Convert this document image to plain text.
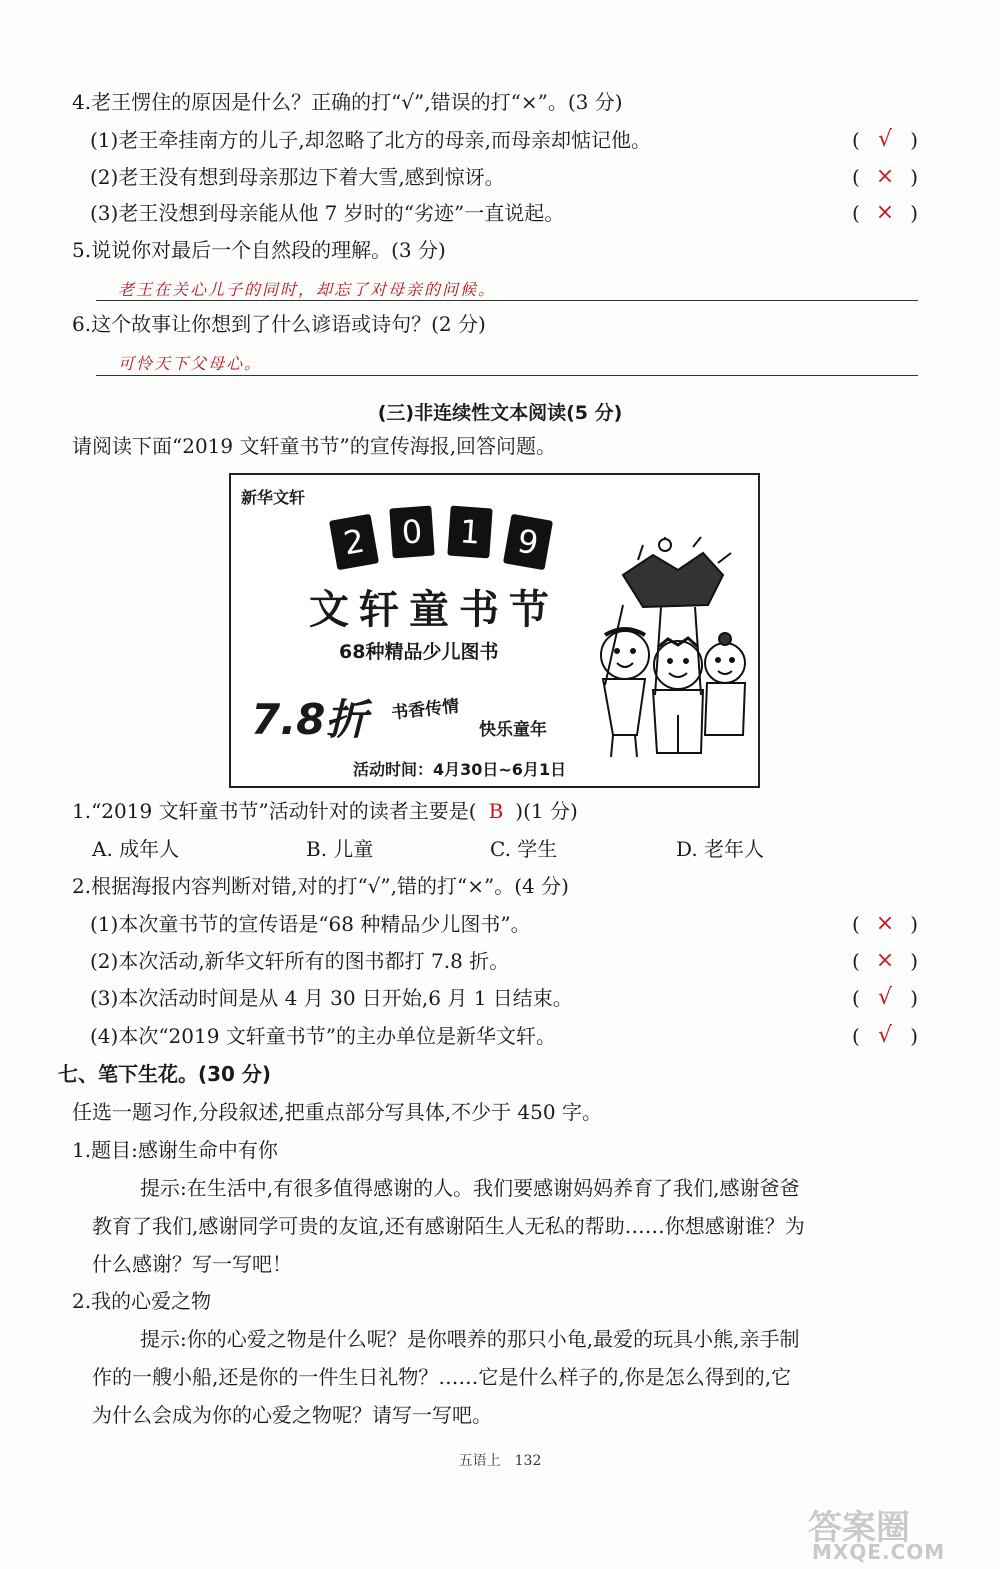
4.老王愣住的原因是什么？正确的打“√”,错误的打“×”。(3 分)
(1)老王牵挂南方的儿子,却忽略了北方的母亲,而母亲却惦记他。	( √ )
(2)老王没有想到母亲那边下着大雪,感到惊讶。	( × )
(3)老王没想到母亲能从他 7 岁时的“劣迹”一直说起。	( × )
5.说说你对最后一个自然段的理解。(3 分)
老王在关心儿子的同时，却忘了对母亲的问候。
6.这个故事让你想到了什么谚语或诗句？(2 分)
可怜天下父母心。
(三)非连续性文本阅读(5 分)
请阅读下面“2019 文轩童书节”的宣传海报,回答问题。
新华文轩
2	0	1	9
文轩童书节
68种精品少儿图书
7.8折 书香传情
快乐童年
活动时间：4月30日~6月1日
1.“2019 文轩童书节”活动针对的读者主要是( B )(1 分)
A. 成年人	B. 儿童	C. 学生	D. 老年人
2.根据海报内容判断对错,对的打“√”,错的打“×”。(4 分)
(1)本次童书节的宣传语是“68 种精品少儿图书”。	( × )
(2)本次活动,新华文轩所有的图书都打 7.8 折。	( × )
(3)本次活动时间是从 4 月 30 日开始,6 月 1 日结束。	( √ )
(4)本次“2019 文轩童书节”的主办单位是新华文轩。	( √ )
七、笔下生花。(30 分)
任选一题习作,分段叙述,把重点部分写具体,不少于 450 字。
1.题目:感谢生命中有你
提示:在生活中,有很多值得感谢的人。我们要感谢妈妈养育了我们,感谢爸爸
教育了我们,感谢同学可贵的友谊,还有感谢陌生人无私的帮助……你想感谢谁？为
什么感谢？写一写吧！
2.我的心爱之物
提示:你的心爱之物是什么呢？是你喂养的那只小龟,最爱的玩具小熊,亲手制
作的一艘小船,还是你的一件生日礼物？……它是什么样子的,你是怎么得到的,它
为什么会成为你的心爱之物呢？请写一写吧。
五语上　132
答案圈
MXQE.COM
